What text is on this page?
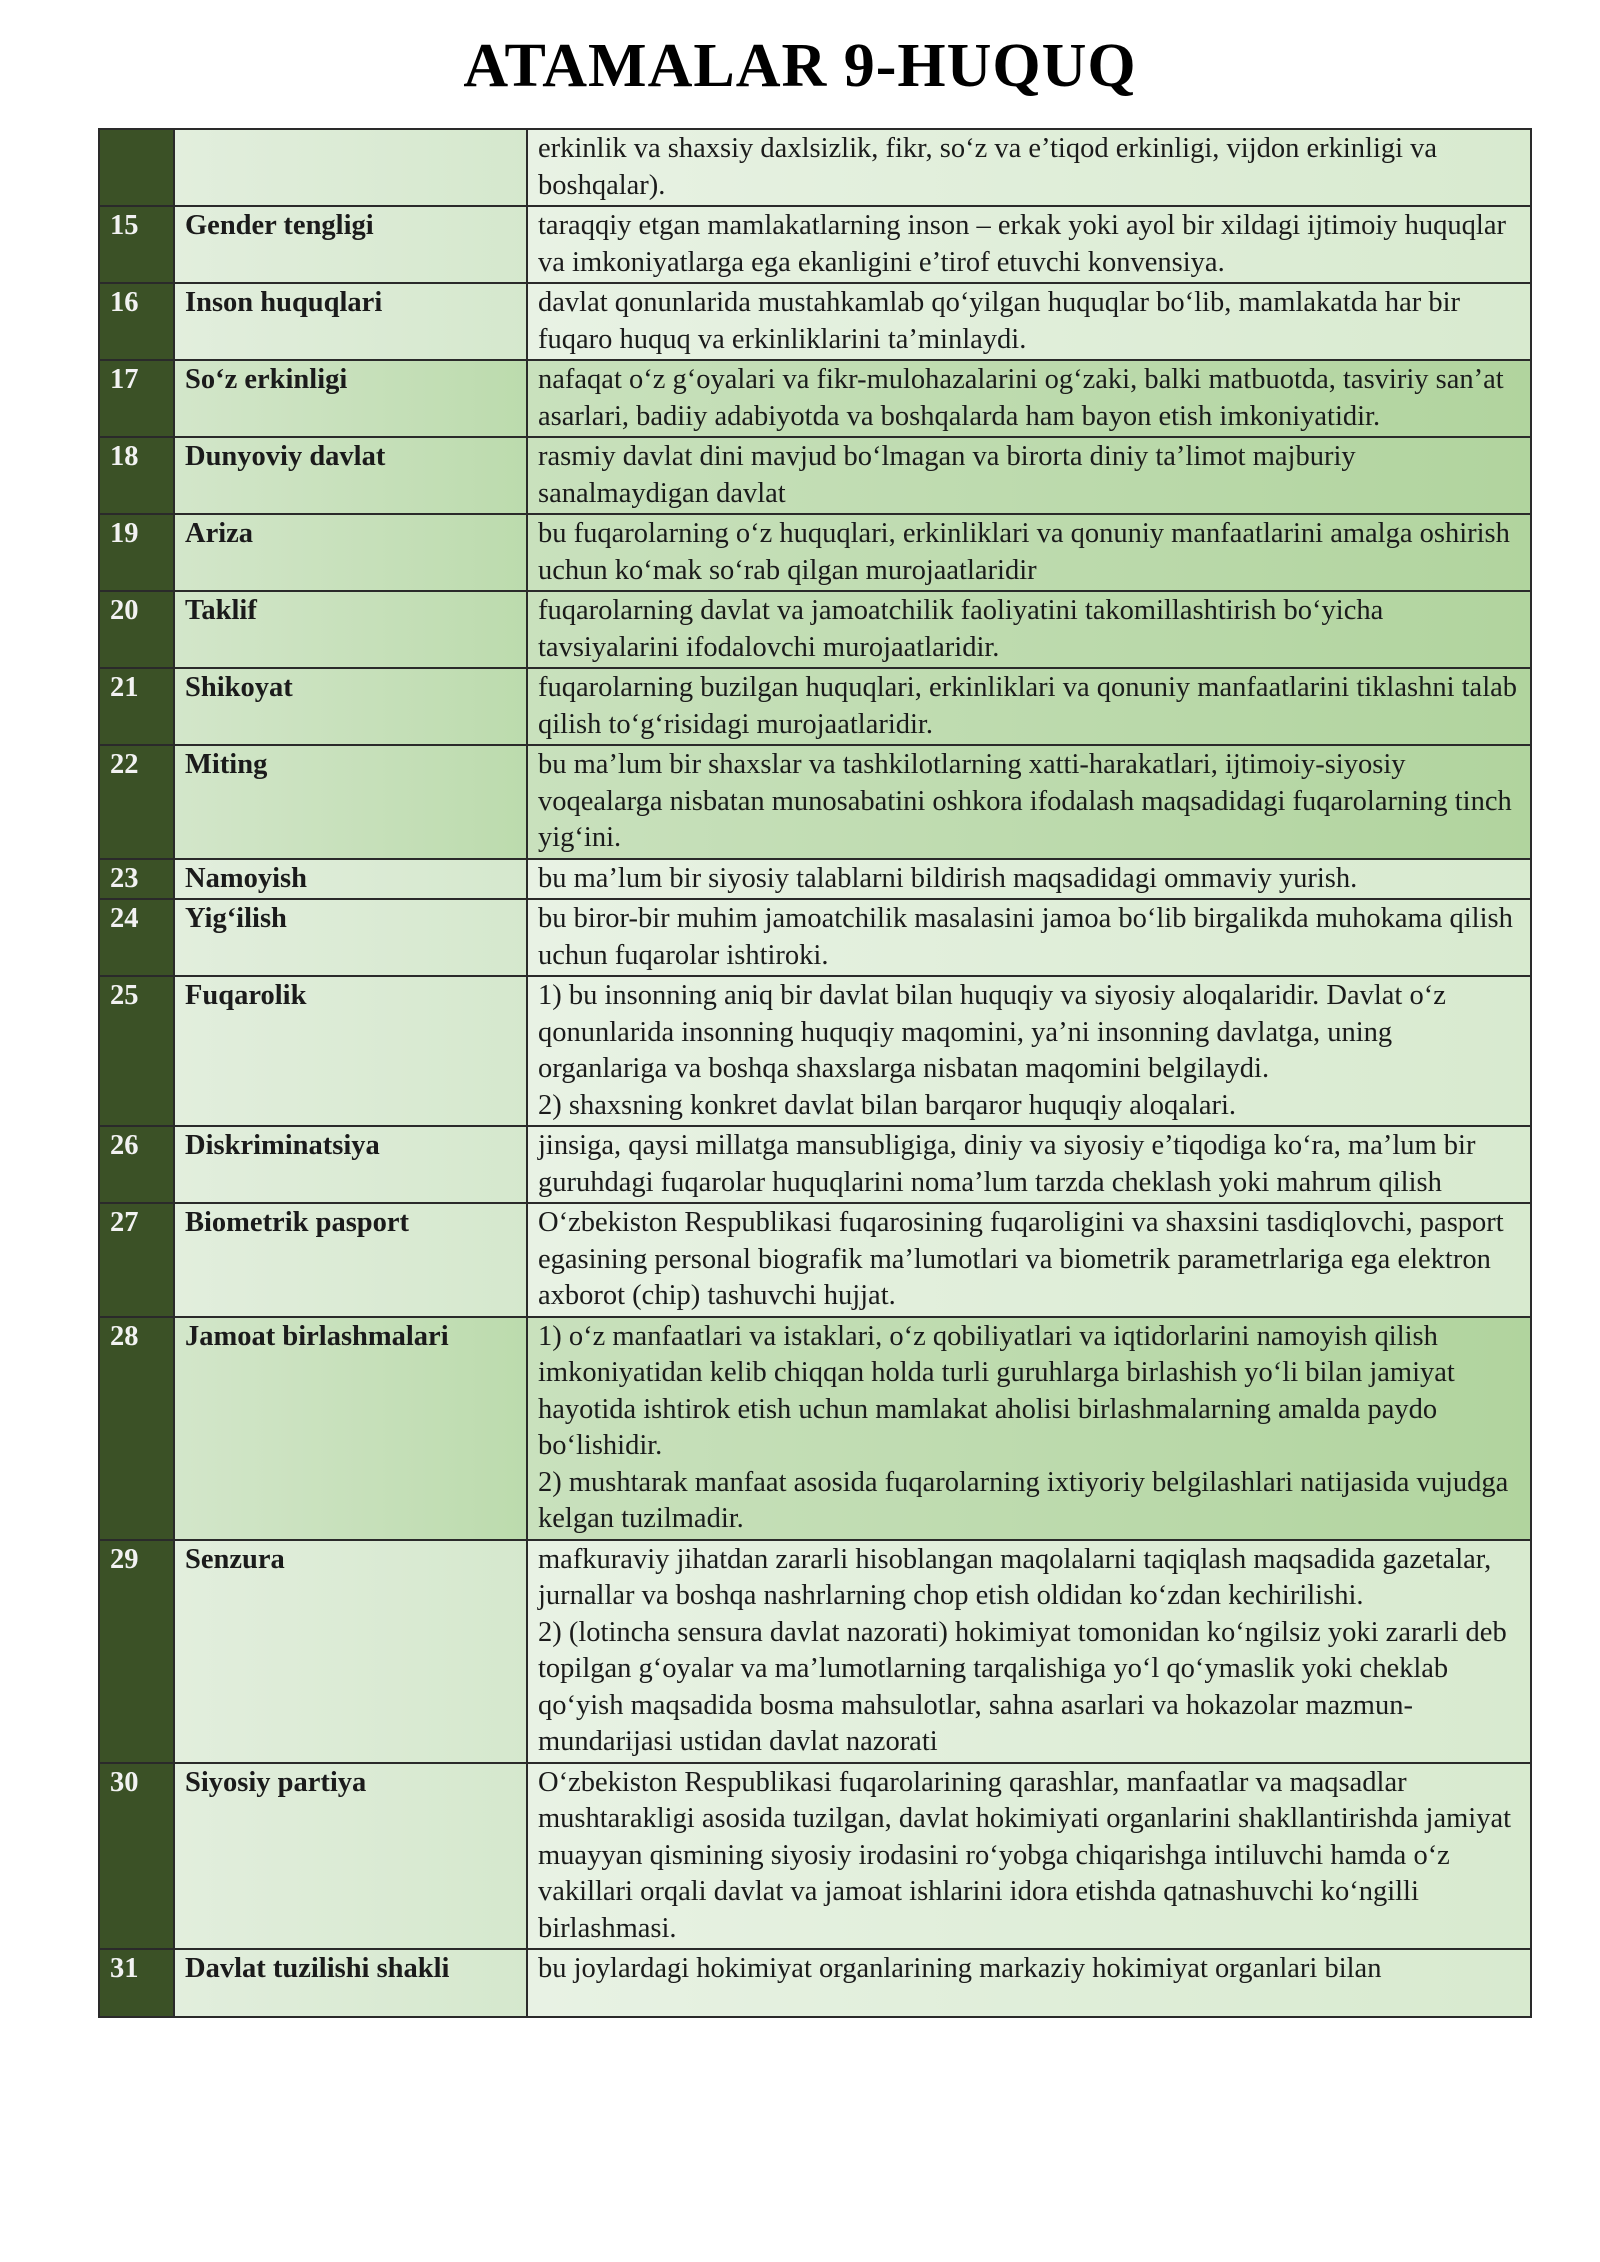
ATAMALAR 9-HUQUQ
		erkinlik va shaxsiy daxlsizlik, fikr, so‘z va e’tiqod erkinligi, vijdon erkinligi va boshqalar).
15	Gender tengligi	taraqqiy etgan mamlakatlarning inson – erkak yoki ayol bir xildagi ijtimoiy huquqlar va imkoniyatlarga ega ekanligini e’tirof etuvchi konvensiya.
16	Inson huquqlari	davlat qonunlarida mustahkamlab qo‘yilgan huquqlar bo‘lib, mamlakatda har bir fuqaro huquq va erkinliklarini ta’minlaydi.
17	So‘z erkinligi	nafaqat o‘z g‘oyalari va fikr-mulohazalarini og‘zaki, balki matbuotda, tasviriy san’at asarlari, badiiy adabiyotda va boshqalarda ham bayon etish imkoniyatidir.
18	Dunyoviy davlat	rasmiy davlat dini mavjud bo‘lmagan va birorta diniy ta’limot majburiy sanalmaydigan davlat
19	Ariza	bu fuqarolarning o‘z huquqlari, erkinliklari va qonuniy manfaatlarini amalga oshirish uchun ko‘mak so‘rab qilgan murojaatlaridir
20	Taklif	fuqarolarning davlat va jamoatchilik faoliyatini takomillashtirish bo‘yicha tavsiyalarini ifodalovchi murojaatlaridir.
21	Shikoyat	fuqarolarning buzilgan huquqlari, erkinliklari va qonuniy manfaatlarini tiklashni talab qilish to‘g‘risidagi murojaatlaridir.
22	Miting	bu ma’lum bir shaxslar va tashkilotlarning xatti-harakatlari, ijtimoiy-siyosiy voqealarga nisbatan munosabatini oshkora ifodalash maqsadidagi fuqarolarning tinch yig‘ini.
23	Namoyish	bu ma’lum bir siyosiy talablarni bildirish maqsadidagi ommaviy yurish.
24	Yig‘ilish	bu biror-bir muhim jamoatchilik masalasini jamoa bo‘lib birgalikda muhokama qilish uchun fuqarolar ishtiroki.
25	Fuqarolik	1) bu insonning aniq bir davlat bilan huquqiy va siyosiy aloqalaridir. Davlat o‘z qonunlarida insonning huquqiy maqomini, ya’ni insonning davlatga, uning organlariga va boshqa shaxslarga nisbatan maqomini belgilaydi.
2) shaxsning konkret davlat bilan barqaror huquqiy aloqalari.
26	Diskriminatsiya	jinsiga, qaysi millatga mansubligiga, diniy va siyosiy e’tiqodiga ko‘ra, ma’lum bir guruhdagi fuqarolar huquqlarini noma’lum tarzda cheklash yoki mahrum qilish
27	Biometrik pasport	O‘zbekiston Respublikasi fuqarosining fuqaroligini va shaxsini tasdiqlovchi, pasport egasining personal biografik ma’lumotlari va biometrik parametrlariga ega elektron axborot (chip) tashuvchi hujjat.
28	Jamoat birlashmalari	1) o‘z manfaatlari va istaklari, o‘z qobiliyatlari va iqtidorlarini namoyish qilish imkoniyatidan kelib chiqqan holda turli guruhlarga birlashish yo‘li bilan jamiyat hayotida ishtirok etish uchun mamlakat aholisi birlashmalarning amalda paydo bo‘lishidir.
2) mushtarak manfaat asosida fuqarolarning ixtiyoriy belgilashlari natijasida vujudga kelgan tuzilmadir.
29	Senzura	mafkuraviy jihatdan zararli hisoblangan maqolalarni taqiqlash maqsadida gazetalar, jurnallar va boshqa nashrlarning chop etish oldidan ko‘zdan kechirilishi.
2) (lotincha sensura davlat nazorati) hokimiyat tomonidan ko‘ngilsiz yoki zararli deb topilgan g‘oyalar va ma’lumotlarning tarqalishiga yo‘l qo‘ymaslik yoki cheklab qo‘yish maqsadida bosma mahsulotlar, sahna asarlari va hokazolar mazmun-mundarijasi ustidan davlat nazorati
30	Siyosiy partiya	O‘zbekiston Respublikasi fuqarolarining qarashlar, manfaatlar va maqsadlar mushtarakligi asosida tuzilgan, davlat hokimiyati organlarini shakllantirishda jamiyat muayyan qismining siyosiy irodasini ro‘yobga chiqarishga intiluvchi hamda o‘z vakillari orqali davlat va jamoat ishlarini idora etishda qatnashuvchi ko‘ngilli birlashmasi.
31	Davlat tuzilishi shakli	bu joylardagi hokimiyat organlarining markaziy hokimiyat organlari bilan
